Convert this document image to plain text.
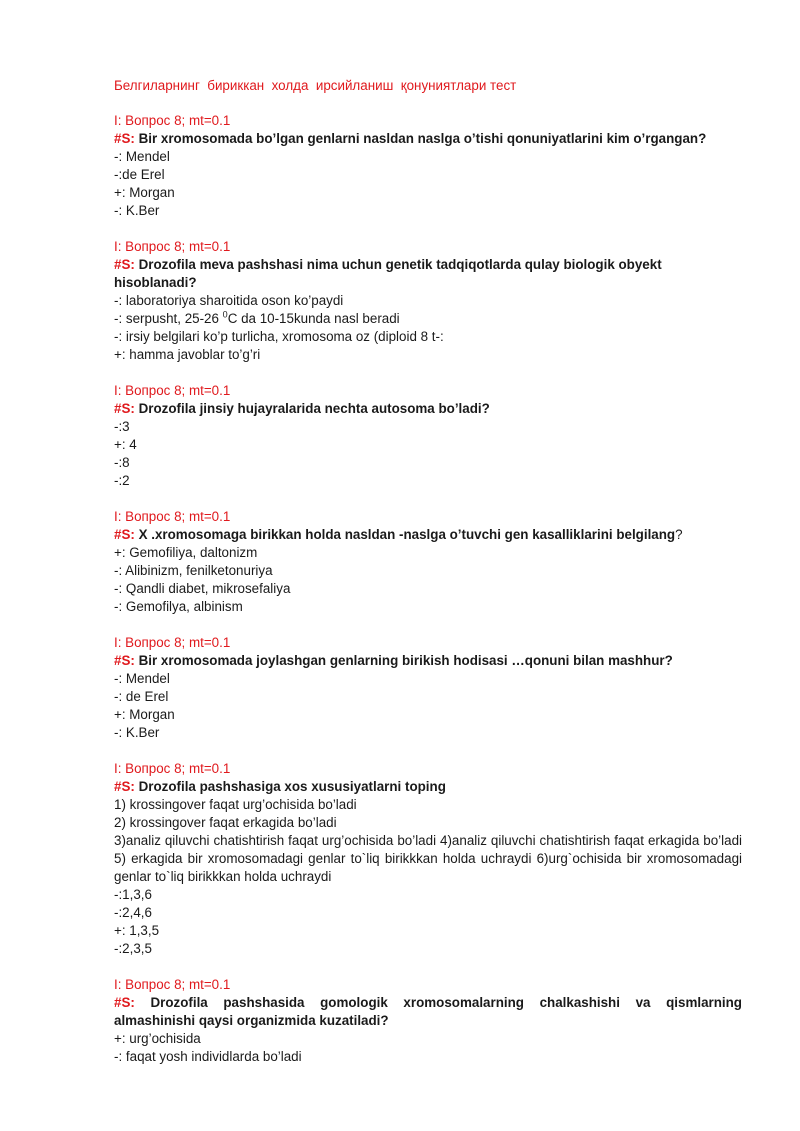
Белгиларнинг  бириккан  холда  ирсийланиш  қонуниятлари тест
I: Вопрос 8; mt=0.1
#S: Bir xromosomada bo’lgan genlarni nasldan naslga o’tishi qonuniyatlarini kim o’rgangan?
-: Mendel
-:de Erel
+: Morgan
-: K.Ber
I: Вопрос 8; mt=0.1
#S: Drozofila meva pashshasi nima uchun genetik tadqiqotlarda qulay biologik obyekt hisoblanadi?
-: laboratoriya sharoitida oson ko’paydi
-: serpusht, 25-26 $^0$C da 10-15kunda nasl beradi
-: irsiy belgilari ko’p turlicha, xromosoma oz (diploid 8 t-:
+: hamma javoblar to’g’ri
I: Вопрос 8; mt=0.1
#S: Drozofila jinsiy hujayralarida nechta autosoma bo’ladi?
-:3
+: 4
-:8
-:2
I: Вопрос 8; mt=0.1
#S: X .xromosomaga birikkan holda nasldan -naslga o’tuvchi gen kasalliklarini belgilang?
+: Gemofiliya, daltonizm
-: Alibinizm, fenilketonuriya
-: Qandli diabet, mikrosefaliya
-: Gemofilya, albinism
I: Вопрос 8; mt=0.1
#S: Bir xromosomada joylashgan genlarning birikish hodisasi …qonuni bilan mashhur?
-: Mendel
-: de Erel
+: Morgan
-: K.Ber
I: Вопрос 8; mt=0.1
#S: Drozofila pashshasiga xos xususiyatlarni toping
1) krossingover faqat urg’ochisida bo’ladi
2) krossingover faqat erkagida bo’ladi
3)analiz qiluvchi chatishtirish faqat urg’ochisida bo’ladi 4)analiz qiluvchi chatishtirish faqat erkagida bo’ladi 5) erkagida bir xromosomadagi genlar to`liq birikkkan holda uchraydi 6)urg`ochisida bir xromosomadagi genlar to`liq birikkkan holda uchraydi
-:1,3,6
-:2,4,6
+: 1,3,5
-:2,3,5
I: Вопрос 8; mt=0.1
#S: Drozofila pashshasida gomologik xromosomalarning chalkashishi va qismlarning almashinishi qaysi organizmida kuzatiladi?
+: urg’ochisida
-: faqat yosh individlarda bo’ladi
